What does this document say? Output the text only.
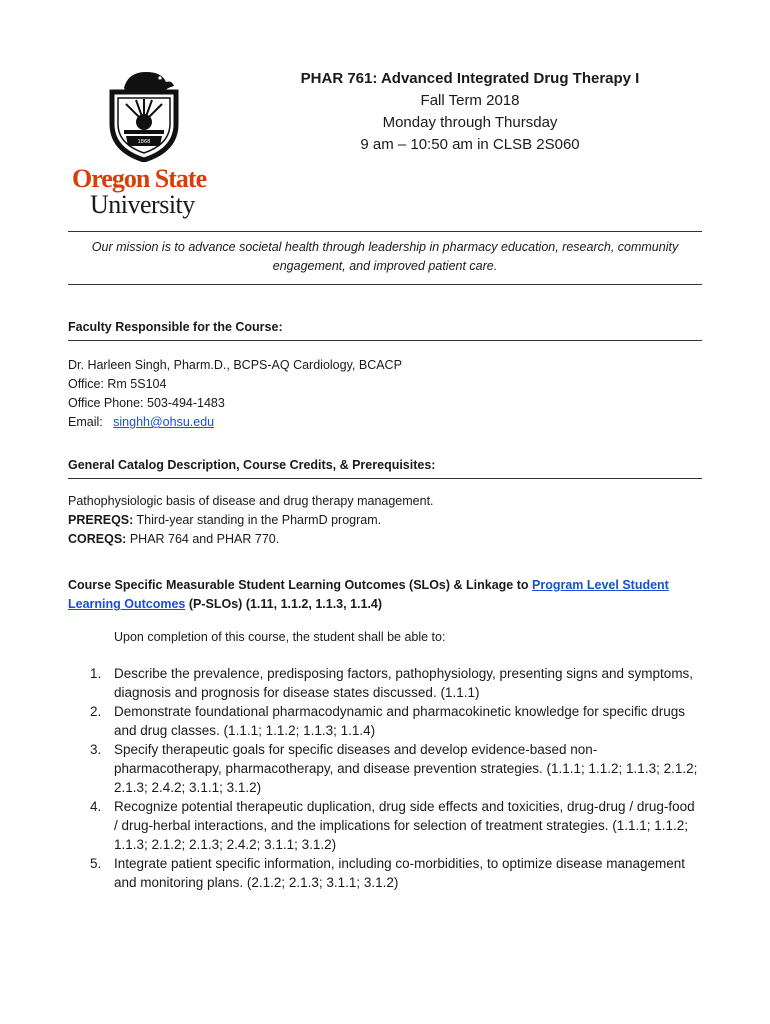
1868
Oregon State
University
PHAR 761: Advanced Integrated Drug Therapy I
Fall Term 2018
Monday through Thursday
9 am – 10:50 am in CLSB 2S060
Our mission is to advance societal health through leadership in pharmacy education, research, community engagement, and improved patient care.
Faculty Responsible for the Course:
Dr. Harleen Singh, Pharm.D., BCPS-AQ Cardiology, BCACP
Office: Rm 5S104
Office Phone: 503-494-1483
Email: singhh@ohsu.edu
General Catalog Description, Course Credits, & Prerequisites:
Pathophysiologic basis of disease and drug therapy management.
PREREQS: Third-year standing in the PharmD program.
COREQS: PHAR 764 and PHAR 770.
Course Specific Measurable Student Learning Outcomes (SLOs) & Linkage to Program Level Student Learning Outcomes (P-SLOs) (1.11, 1.1.2, 1.1.3, 1.1.4)
Upon completion of this course, the student shall be able to:
1. Describe the prevalence, predisposing factors, pathophysiology, presenting signs and symptoms, diagnosis and prognosis for disease states discussed. (1.1.1)
2. Demonstrate foundational pharmacodynamic and pharmacokinetic knowledge for specific drugs and drug classes. (1.1.1; 1.1.2; 1.1.3; 1.1.4)
3. Specify therapeutic goals for specific diseases and develop evidence-based non-pharmacotherapy, pharmacotherapy, and disease prevention strategies. (1.1.1; 1.1.2; 1.1.3; 2.1.2; 2.1.3; 2.4.2; 3.1.1; 3.1.2)
4. Recognize potential therapeutic duplication, drug side effects and toxicities, drug-drug / drug-food / drug-herbal interactions, and the implications for selection of treatment strategies. (1.1.1; 1.1.2; 1.1.3; 2.1.2; 2.1.3; 2.4.2; 3.1.1; 3.1.2)
5. Integrate patient specific information, including co-morbidities, to optimize disease management and monitoring plans. (2.1.2; 2.1.3; 3.1.1; 3.1.2)
